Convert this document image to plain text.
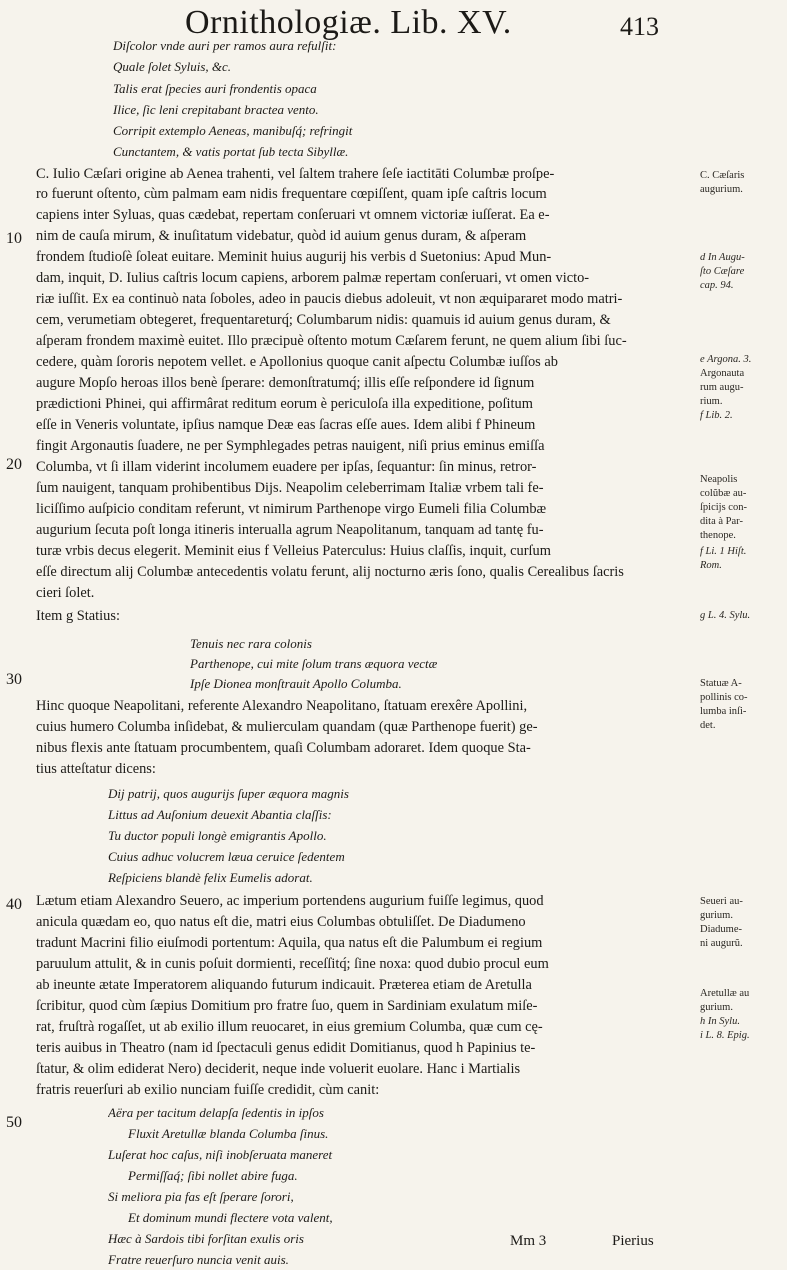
Ornithologiæ. Lib. XV.	413
Diſcolor vnde auri per ramos aura refulſit:
Quale ſolet Syluis, &c.
Talis erat ſpecies auri frondentis opaca
Ilice, ſic leni crepitabant bractea vento.
Corripit extemplo Aeneas, manibuſq́; refringit
Cunctantem, & vatis portat ſub tecta Sibyllæ.
C. Iulio Cæſari origine ab Aenea trahenti, vel ſaltem trahere ſeſe iactitāti Columbæ proſpe-
ro fuerunt oſtento, cùm palmam eam nidis frequentare cœpiſſent, quam ipſe caſtris locum
capiens inter Syluas, quas cædebat, repertam conſeruari vt omnem victoriæ iuſſerat. Ea e-
nim de cauſa mirum, & inuſitatum videbatur, quòd id auium genus duram, & aſperam
frondem ſtudioſè ſoleat euitare. Meminit huius augurij his verbis d Suetonius: Apud Mun-
dam, inquit, D. Iulius caſtris locum capiens, arborem palmæ repertam conſeruari, vt omen victo-
riæ iuſſit. Ex ea continuò nata ſoboles, adeo in paucis diebus adoleuit, vt non æquipararet modo matri-
cem, verumetiam obtegeret, frequentareturq́; Columbarum nidis: quamuis id auium genus duram, &
aſperam frondem maximè euitet. Illo præcipuè oſtento motum Cæſarem ferunt, ne quem alium ſibi ſuc-
cedere, quàm ſororis nepotem vellet. e Apollonius quoque canit aſpectu Columbæ iuſſos ab
augure Mopſo heroas illos benè ſperare: demonſtratumq́; illis eſſe reſpondere id ſignum
prædictioni Phinei, qui affirmârat reditum eorum è periculoſa illa expeditione, poſitum
eſſe in Veneris voluntate, ipſius namque Deæ eas ſacras eſſe aues. Idem alibi f Phineum
fingit Argonautis ſuadere, ne per Symphlegades petras nauigent, niſi prius eminus emiſſa
Columba, vt ſi illam viderint incolumem euadere per ipſas, ſequantur: ſin minus, retror-
ſum nauigent, tanquam prohibentibus Dijs. Neapolim celeberrimam Italiæ vrbem tali fe-
liciſſimo auſpicio conditam referunt, vt nimirum Parthenope virgo Eumeli filia Columbæ
augurium ſecuta poſt longa itineris interualla agrum Neapolitanum, tanquam ad tantę fu-
turæ vrbis decus elegerit. Meminit eius f Velleius Paterculus: Huius claſſis, inquit, curſum
eſſe directum alij Columbæ antecedentis volatu ferunt, alij nocturno æris ſono, qualis Cerealibus ſacris
cieri ſolet.
Item g Statius:
Tenuis nec rara colonis
Parthenope, cui mite ſolum trans æquora vectæ
Ipſe Dionea monſtrauit Apollo Columba.
Hinc quoque Neapolitani, referente Alexandro Neapolitano, ſtatuam erexêre Apollini,
cuius humero Columba inſidebat, & mulierculam quandam (quæ Parthenope fuerit) ge-
nibus flexis ante ſtatuam procumbentem, quaſi Columbam adoraret. Idem quoque Sta-
tius atteſtatur dicens:
Dij patrij, quos augurijs ſuper æquora magnis
Littus ad Auſonium deuexit Abantia claſſis:
Tu ductor populi longè emigrantis Apollo.
Cuius adhuc volucrem læua ceruice ſedentem
Reſpiciens blandè felix Eumelis adorat.
Lætum etiam Alexandro Seuero, ac imperium portendens augurium fuiſſe legimus, quod
anicula quædam eo, quo natus eſt die, matri eius Columbas obtuliſſet. De Diadumeno
tradunt Macrini filio eiuſmodi portentum: Aquila, qua natus eſt die Palumbum ei regium
paruulum attulit, & in cunis poſuit dormienti, receſſitq́; ſine noxa: quod dubio procul eum
ab ineunte ætate Imperatorem aliquando futurum indicauit. Præterea etiam de Aretulla
ſcribitur, quod cùm ſæpius Domitium pro fratre ſuo, quem in Sardiniam exulatum miſe-
rat, fruſtrà rogaſſet, ut ab exilio illum reuocaret, in eius gremium Columba, quæ cum cę-
teris auibus in Theatro (nam id ſpectaculi genus edidit Domitianus, quod h Papinius te-
ſtatur, & olim ediderat Nero) deciderit, neque inde voluerit euolare. Hanc i Martialis
fratris reuerſuri ab exilio nunciam fuiſſe credidit, cùm canit:
Aëra per tacitum delapſa ſedentis in ipſos
Fluxit Aretullæ blanda Columba ſinus.
Luſerat hoc caſus, niſi inobſeruata maneret
Permiſſaq́; ſibi nollet abire fuga.
Si meliora pia fas eſt ſperare ſorori,
Et dominum mundi flectere vota valent,
Hæc à Sardois tibi forſitan exulis oris
Fratre reuerſuro nuncia venit auis.
10
20
30
40
50
C. Cæſaris
augurium.
d In Augu-
ſto Cæſare
cap. 94.
e Argona. 3.
Argonauta
rum augu-
rium.
f Lib. 2.
Neapolis
colũbæ au-
ſpicijs con-
dita à Par-
thenope.
f Li. 1 Hiſt.
Rom.
g L. 4. Sylu.
Statuæ A-
pollinis co-
lumba inſi-
det.
Seueri au-
gurium.
Diadume-
ni augurũ.
Aretullæ au
gurium.
h In Sylu.
i L. 8. Epig.
Mm 3	Pierius
